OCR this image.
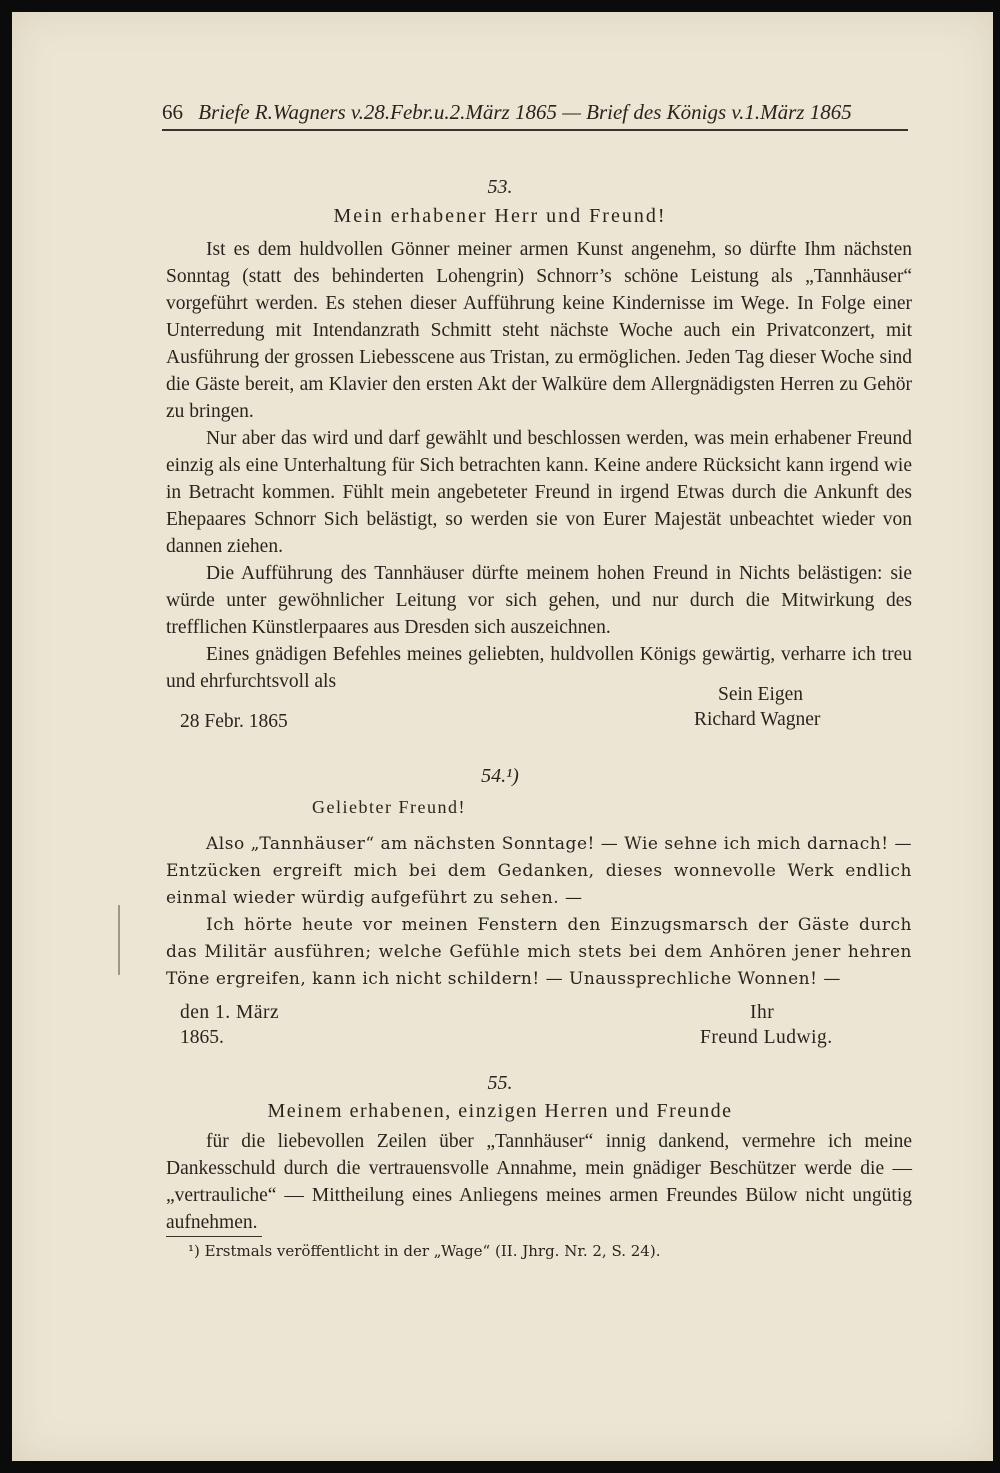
66 Briefe R.Wagners v.28.Febr.u.2.März 1865 — Brief des Königs v.1.März 1865
53.
Mein erhabener Herr und Freund!
Ist es dem huldvollen Gönner meiner armen Kunst angenehm, so dürfte Ihm nächsten Sonntag (statt des behinderten Lohengrin) Schnorr’s schöne Leistung als „Tannhäuser“ vorgeführt werden. Es stehen dieser Aufführung keine Kindernisse im Wege. In Folge einer Unterredung mit Intendanzrath Schmitt steht nächste Woche auch ein Privatconzert, mit Ausführung der grossen Liebesscene aus Tristan, zu ermöglichen. Jeden Tag dieser Woche sind die Gäste bereit, am Klavier den ersten Akt der Walküre dem Allergnädigsten Herren zu Gehör zu bringen.
Nur aber das wird und darf gewählt und beschlossen werden, was mein erhabener Freund einzig als eine Unterhaltung für Sich betrachten kann. Keine andere Rücksicht kann irgend wie in Betracht kommen. Fühlt mein angebeteter Freund in irgend Etwas durch die Ankunft des Ehepaares Schnorr Sich belästigt, so werden sie von Eurer Majestät unbeachtet wieder von dannen ziehen.
Die Aufführung des Tannhäuser dürfte meinem hohen Freund in Nichts belästigen: sie würde unter gewöhnlicher Leitung vor sich gehen, und nur durch die Mitwirkung des trefflichen Künstlerpaares aus Dresden sich auszeichnen.
Eines gnädigen Befehles meines geliebten, huldvollen Königs gewärtig, verharre ich treu und ehrfurchtsvoll als
Sein Eigen
28 Febr. 1865	Richard Wagner
54.¹)
Geliebter Freund!
Also „Tannhäuser“ am nächsten Sonntage! — Wie sehne ich mich darnach! — Entzücken ergreift mich bei dem Gedanken, dieses wonnevolle Werk endlich einmal wieder würdig aufgeführt zu sehen. —
Ich hörte heute vor meinen Fenstern den Einzugsmarsch der Gäste durch das Militär ausführen; welche Gefühle mich stets bei dem Anhören jener hehren Töne ergreifen, kann ich nicht schildern! — Unaussprechliche Wonnen! —
den 1. März
1865.
Ihr
Freund Ludwig.
55.
Meinem erhabenen, einzigen Herren und Freunde
für die liebevollen Zeilen über „Tannhäuser“ innig dankend, vermehre ich meine Dankesschuld durch die vertrauensvolle Annahme, mein gnädiger Beschützer werde die — „vertrauliche“ — Mittheilung eines Anliegens meines armen Freundes Bülow nicht ungütig aufnehmen.
¹) Erstmals veröffentlicht in der „Wage“ (II. Jhrg. Nr. 2, S. 24).
